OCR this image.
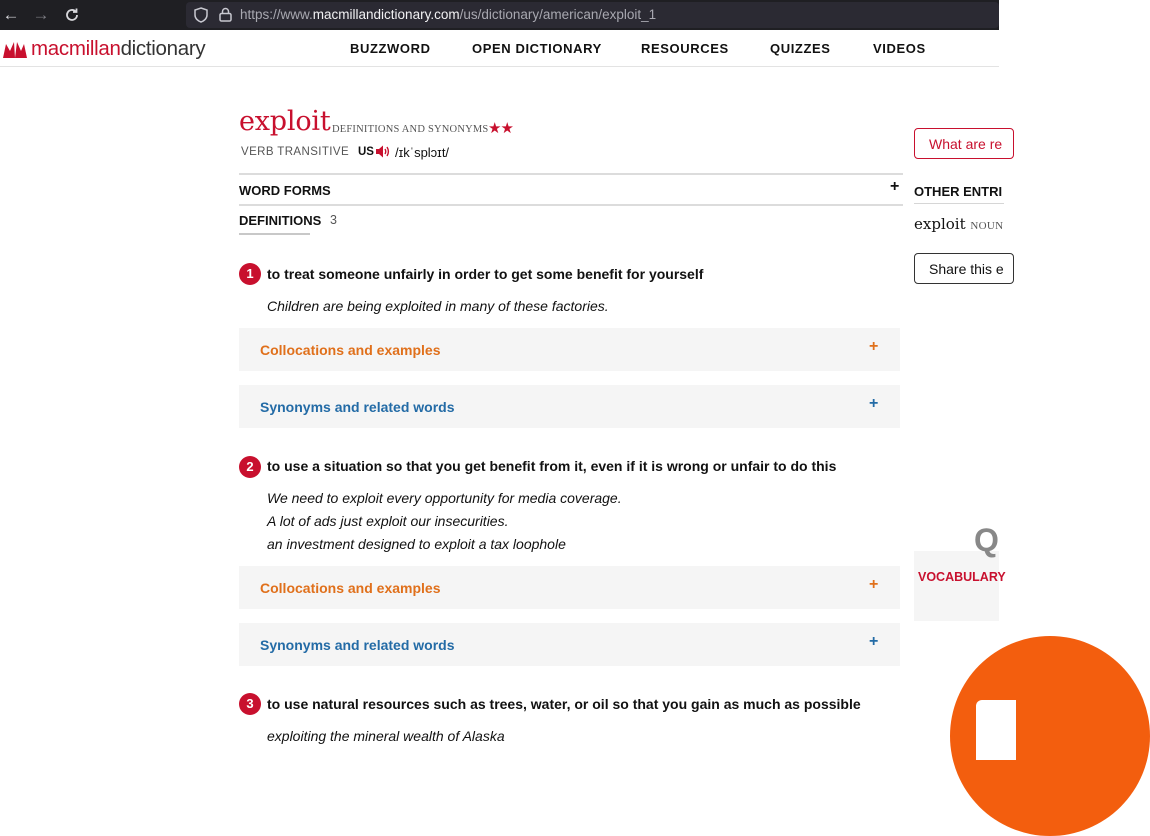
← →	https://www.macmillandictionary.com/us/dictionary/american/exploit_1
macmillandictionary	BUZZWORD	OPEN DICTIONARY	RESOURCES	QUIZZES	VIDEOS
exploit DEFINITIONS AND SYNONYMS ★★
VERB TRANSITIVE US /ɪkˈsplɔɪt/
WORD FORMS	+
DEFINITIONS 3
1 to treat someone unfairly in order to get some benefit for yourself
Children are being exploited in many of these factories.
Collocations and examples	+
Synonyms and related words	+
2 to use a situation so that you get benefit from it, even if it is wrong or unfair to do this
We need to exploit every opportunity for media coverage.
A lot of ads just exploit our insecurities.
an investment designed to exploit a tax loophole
Collocations and examples	+
Synonyms and related words	+
3 to use natural resources such as trees, water, or oil so that you gain as much as possible
exploiting the mineral wealth of Alaska
What are re
OTHER ENTRI
exploit NOUN
Share this e
Q
VOCABULARY
